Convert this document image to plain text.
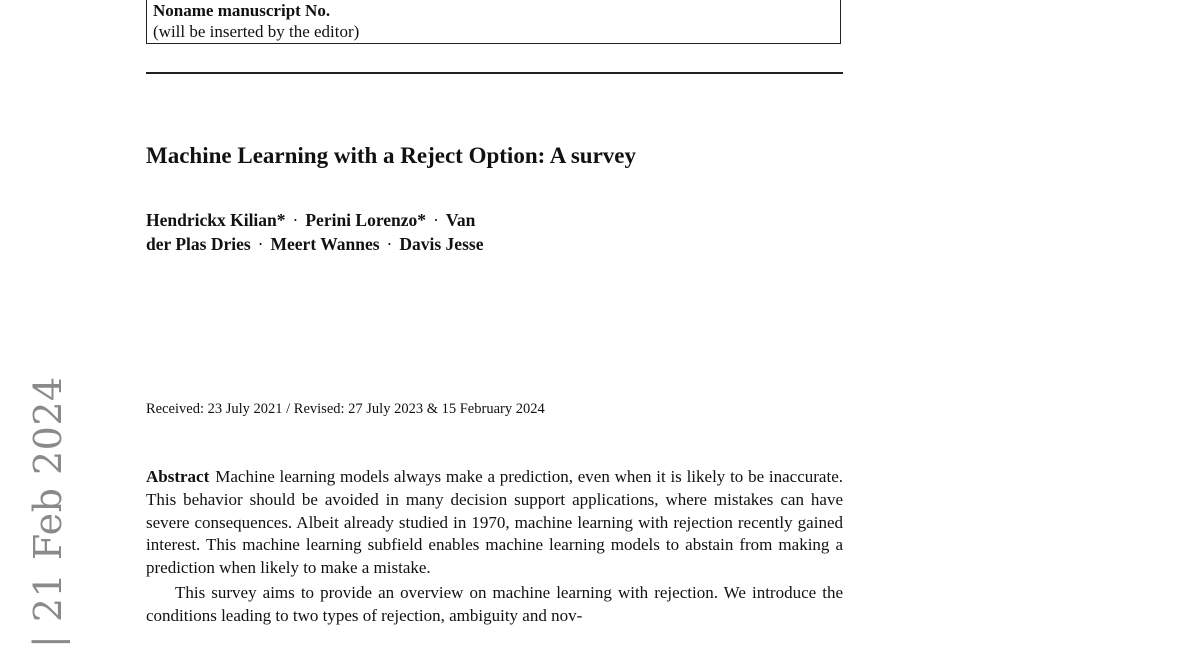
Noname manuscript No.
(will be inserted by the editor)
Machine Learning with a Reject Option: A survey
Hendrickx Kilian* · Perini Lorenzo* · Van
der Plas Dries · Meert Wannes · Davis Jesse
Received: 23 July 2021 / Revised: 27 July 2023 & 15 February 2024

Abstract Machine learning models always make a prediction, even when it is likely to be inaccurate. This behavior should be avoided in many decision support applications, where mistakes can have severe consequences. Albeit already studied in 1970, machine learning with rejection recently gained interest. This machine learning subfield enables machine learning models to abstain from making a prediction when likely to make a mistake.

This survey aims to provide an overview on machine learning with rejection. We introduce the conditions leading to two types of rejection, ambiguity and nov-

| 21 Feb 2024
